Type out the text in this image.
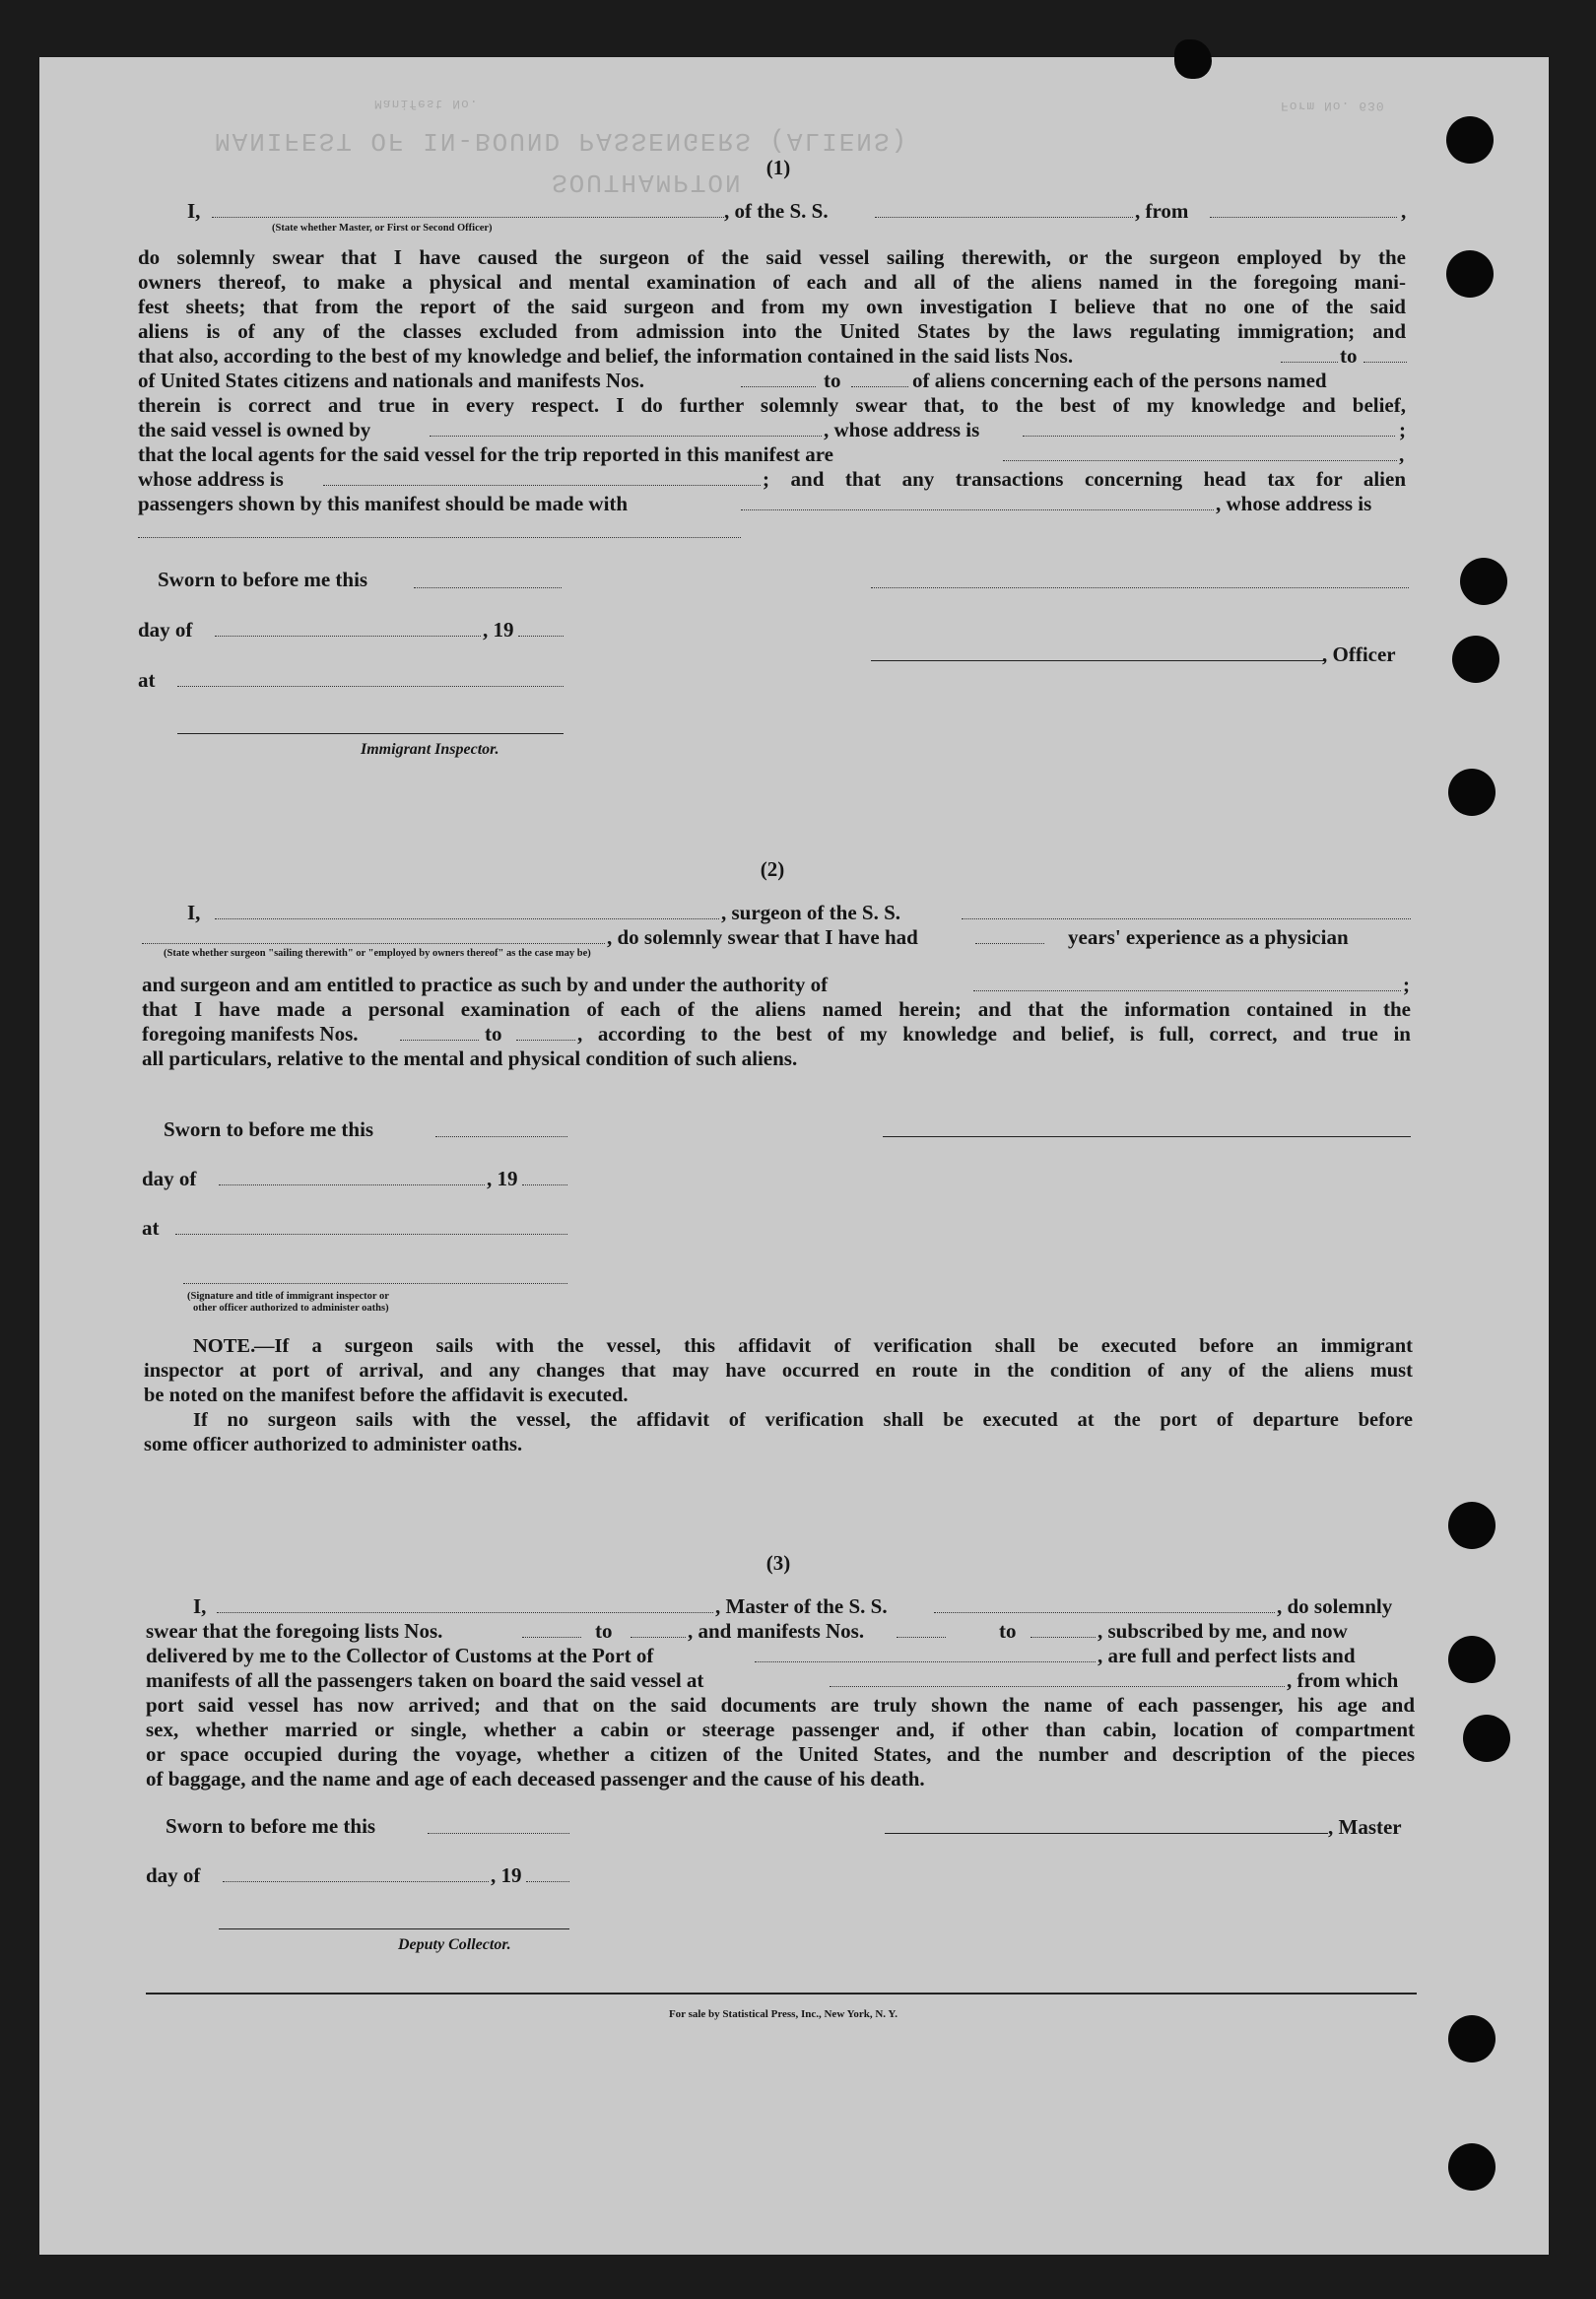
MANIFEST OF IN-BOUND PASSENGERS (ALIENS)
SOUTHAMPTON
Manifest No.	Form No. 630
(1)
I,
(State whether Master, or First or Second Officer)
, of the S. S.	, from	,
do solemnly swear that I have caused the surgeon of the said vessel sailing therewith, or the surgeon employed by the
owners thereof, to make a physical and mental examination of each and all of the aliens named in the foregoing mani-
fest sheets; that from the report of the said surgeon and from my own investigation I believe that no one of the said
aliens is of any of the classes excluded from admission into the United States by the laws regulating immigration; and
that also, according to the best of my knowledge and belief, the information contained in the said lists Nos.	to
of United States citizens and nationals and manifests Nos.	to	of aliens concerning each of the persons named
therein is correct and true in every respect. I do further solemnly swear that, to the best of my knowledge and belief,
the said vessel is owned by	, whose address is	;
that the local agents for the said vessel for the trip reported in this manifest are	,
whose address is	; and that any transactions concerning head tax for alien
passengers shown by this manifest should be made with	, whose address is
Sworn to before me this
day of	, 19
, Officer
at
Immigrant Inspector.
(2)
I,	, surgeon of the S. S.
, do solemnly swear that I have had	years' experience as a physician
(State whether surgeon "sailing therewith" or "employed by owners thereof" as the case may be)
and surgeon and am entitled to practice as such by and under the authority of	;
that I have made a personal examination of each of the aliens named herein; and that the information contained in the
foregoing manifests Nos.	to	, according to the best of my knowledge and belief, is full, correct, and true in
all particulars, relative to the mental and physical condition of such aliens.
Sworn to before me this
day of	, 19
at
(Signature and title of immigrant inspector or
other officer authorized to administer oaths)
NOTE.
—If a surgeon sails with the vessel, this affidavit of verification shall be executed before an immigrant
inspector at port of arrival, and any changes that may have occurred en route in the condition of any of the aliens must
be noted on the manifest before the affidavit is executed.
If no surgeon sails with the vessel, the affidavit of verification shall be executed at the port of departure before
some officer authorized to administer oaths.
(3)
I,	, Master of the S. S.	, do solemnly
swear that the foregoing lists Nos.	to	, and manifests Nos.	to	, subscribed by me, and now
delivered by me to the Collector of Customs at the Port of	, are full and perfect lists and
manifests of all the passengers taken on board the said vessel at	, from which
port said vessel has now arrived; and that on the said documents are truly shown the name of each passenger, his age and
sex, whether married or single, whether a cabin or steerage passenger and, if other than cabin, location of compartment
or space occupied during the voyage, whether a citizen of the United States, and the number and description of the pieces
of baggage, and the name and age of each deceased passenger and the cause of his death.
Sworn to before me this	, Master
day of	, 19
Deputy Collector.
For sale by Statistical Press, Inc., New York, N. Y.
